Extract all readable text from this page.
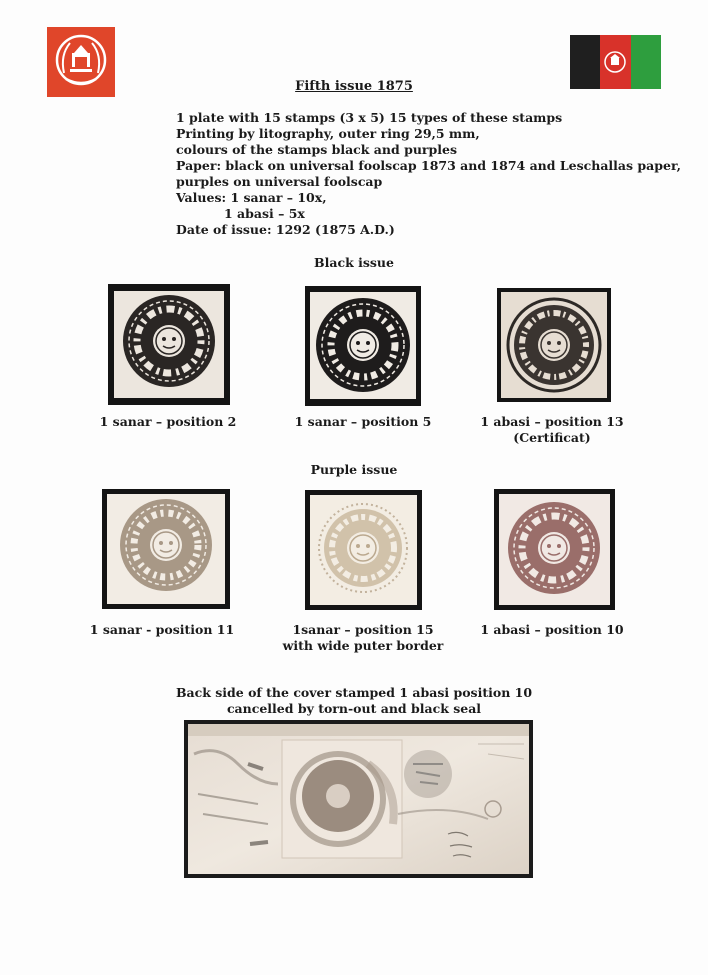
Fifth issue 1875
1 plate with 15 stamps (3 x 5) 15 types of these stamps
Printing by litography, outer ring 29,5 mm,
colours of the stamps black and purples
Paper: black on universal foolscap 1873 and 1874 and Leschallas paper,
purples on universal foolscap
Values: 1 sanar – 10x,
1 abasi – 5x
Date of issue: 1292 (1875 A.D.)
Black issue
1 sanar – position 2	1 sanar – position 5	1 abasi – position 13
(Certificat)
Purple issue
1 sanar - position 11	1sanar – position 15
with wide puter border
1 abasi – position 10
Back side of the cover stamped 1 abasi position 10
cancelled by torn-out and black seal
